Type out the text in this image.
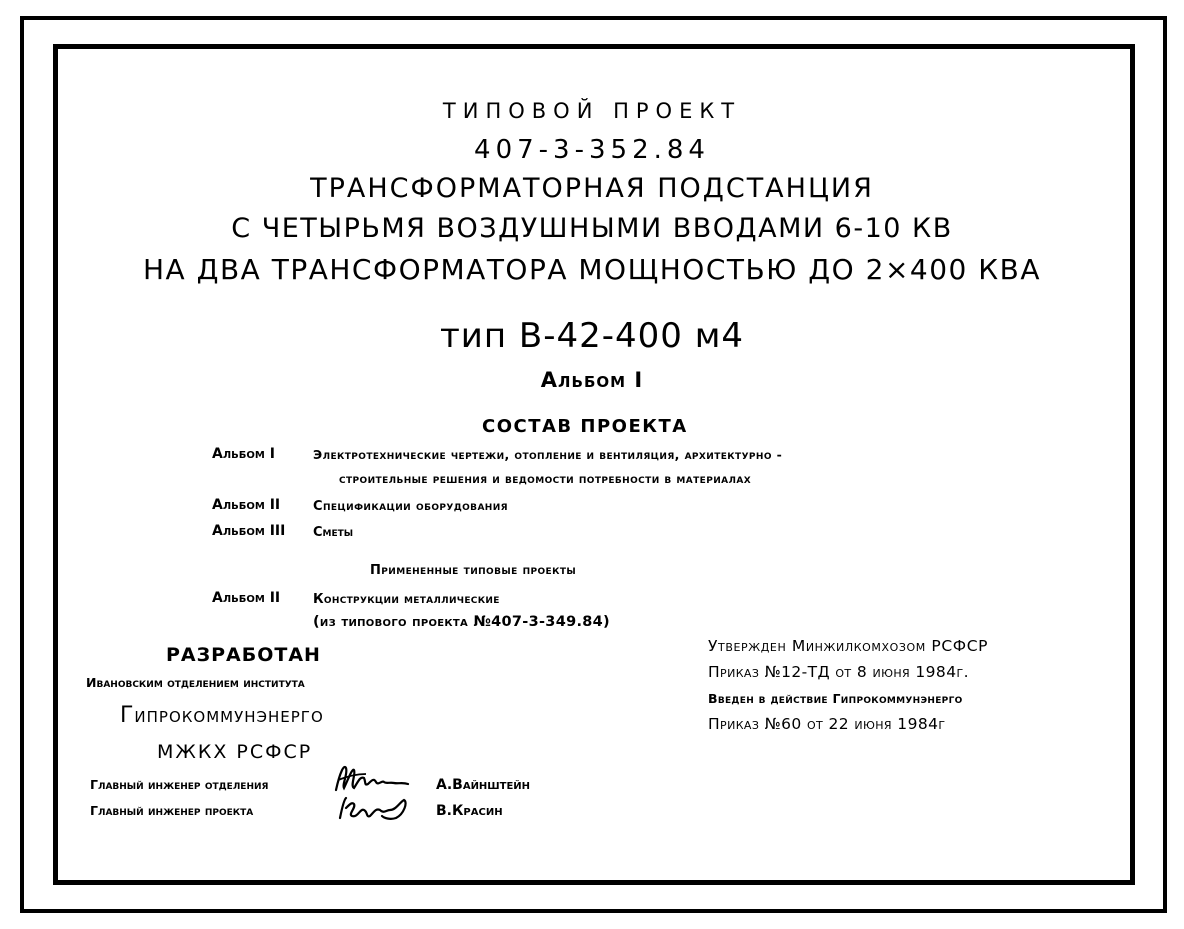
ТИПОВОЙ ПРОЕКТ
407-3-352.84
ТРАНСФОРМАТОРНАЯ ПОДСТАНЦИЯ
С ЧЕТЫРЬМЯ ВОЗДУШНЫМИ ВВОДАМИ 6-10 КВ
НА ДВА ТРАНСФОРМАТОРА МОЩНОСТЬЮ ДО 2×400 КВА
тип В-42-400 м4
Альбом I
СОСТАВ ПРОЕКТА
Альбом I	Электротехнические чертежи, отопление и вентиляция, архитектурно -
строительные решения и ведомости потребности в материалах
Альбом II	Спецификации оборудования
Альбом III Сметы
Примененные типовые проекты
Альбом II	Конструкции металлические
(из типового проекта №407-3-349.84)
РАЗРАБОТАН
Ивановским отделением института
Гипрокоммунэнерго
МЖКХ РСФСР
Главный инженер отделения	А.Вайнштейн
Главный инженер проекта	В.Красин
Утвержден Минжилкомхозом РСФСР
Приказ №12-ТД от 8 июня 1984г.
Введен в действие Гипрокоммунэнерго
Приказ №60 от 22 июня 1984г
